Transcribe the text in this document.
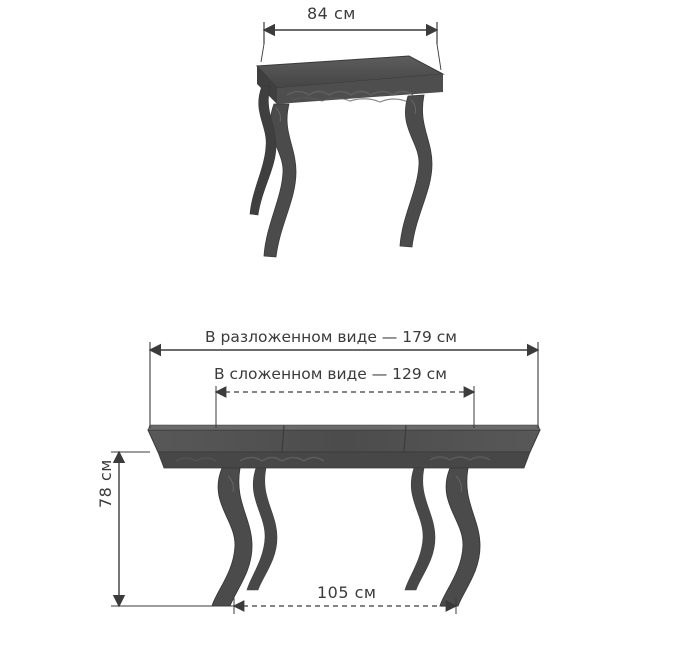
84 см
В разложенном виде — 179 см
В сложенном виде — 129 см
105 см
78 см
